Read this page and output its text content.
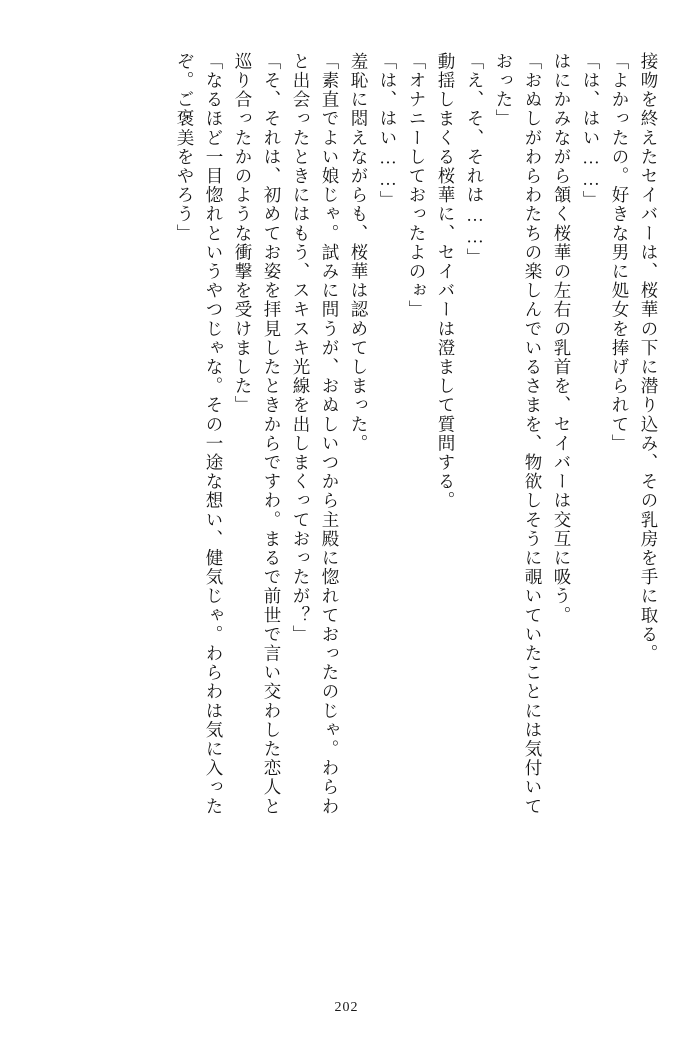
接吻を終えたセイバーは、桜華の下に潜り込み、その乳房を手に取る。
「よかったの。好きな男に処女を捧げられて」
「は、はい……」
はにかみながら頷く桜華の左右の乳首を、セイバーは交互に吸う。
「おぬしがわらわたちの楽しんでいるさまを、物欲しそうに覗いていたことには気付いて
おった」
「え、そ、それは……」
動揺しまくる桜華に、セイバーは澄まして質問する。
「オナニーしておったよのぉ」
「は、はい……」
羞恥に悶えながらも、桜華は認めてしまった。
「素直でよい娘じゃ。試みに問うが、おぬしいつから主殿に惚れておったのじゃ。わらわ
と出会ったときにはもう、スキスキ光線を出しまくっておったが？」
「そ、それは、初めてお姿を拝見したときからですわ。まるで前世で言い交わした恋人と
巡り合ったかのような衝撃を受けました」
「なるほど一目惚れというやつじゃな。その一途な想い、健気じゃ。わらわは気に入った
ぞ。ご褒美をやろう」
202
